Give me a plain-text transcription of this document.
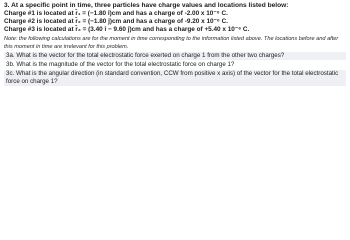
3. At a specific point in time, three particles have charge values and locations listed below:
Charge #1 is located at r̂₁ = (−1.80 î)cm and has a charge of -2.00 x 10⁻⁶ C.
Charge #2 is located at r̂₂ = (−1.80 ĵ)cm and has a charge of -9.20 x 10⁻⁶ C.
Charge #3 is located at r̂₃ = (3.40 î − 9.60 ĵ)cm and has a charge of +5.40 x 10⁻⁶ C.
Note: the following calculations are for the moment in time corresponding to the information listed above. The locations before and after this moment in time are irrelevant for this problem.
3a. What is the vector for the total electrostatic force exerted on charge 1 from the other two charges?
3b. What is the magnitude of the vector for the total electrostatic force on charge 1?
3c. What is the angular direction (in standard convention, CCW from positive x axis) of the vector for the total electrostatic force on charge 1?
